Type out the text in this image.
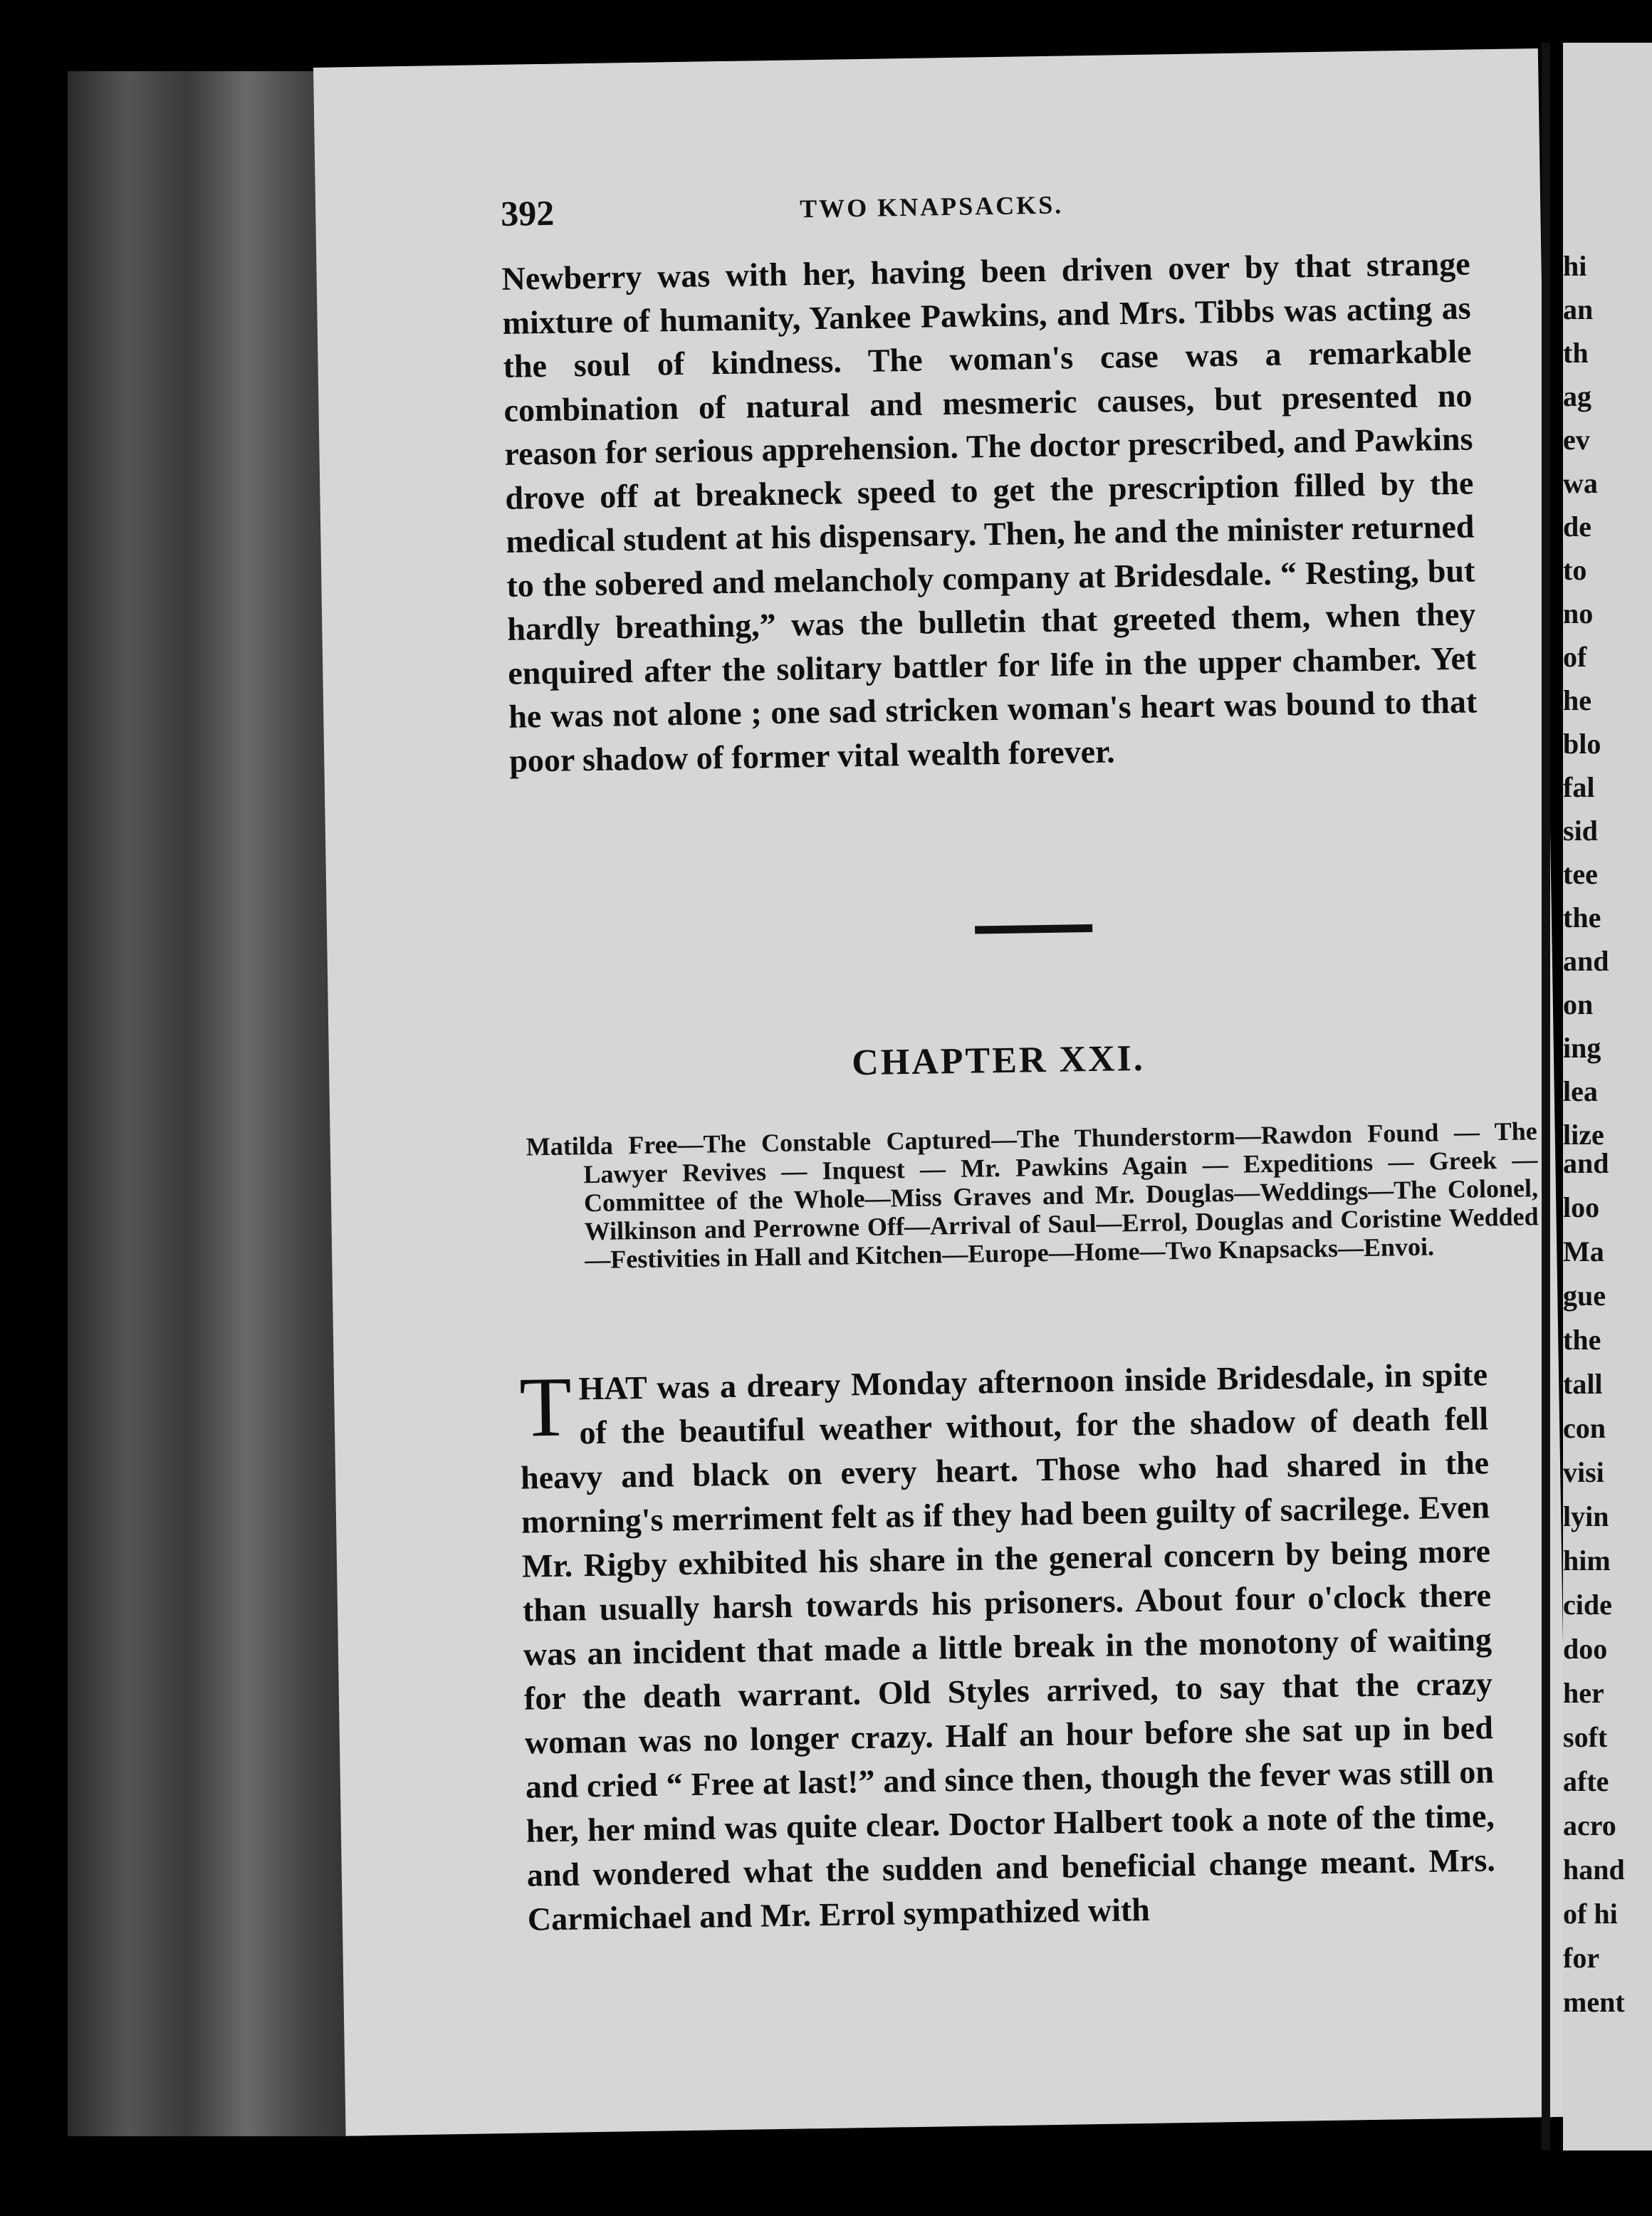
392	TWO KNAPSACKS.

Newberry was with her, having been driven over by that strange mixture of humanity, Yankee Pawkins, and Mrs. Tibbs was acting as the soul of kindness. The woman's case was a remarkable combination of natural and mesmeric causes, but presented no reason for serious apprehension. The doctor prescribed, and Pawkins drove off at breakneck speed to get the prescription filled by the medical student at his dispensary. Then, he and the minister returned to the sobered and melancholy company at Bridesdale. “ Resting, but hardly breathing,” was the bulletin that greeted them, when they enquired after the solitary battler for life in the upper chamber. Yet he was not alone ; one sad stricken woman's heart was bound to that poor shadow of former vital wealth forever.

CHAPTER XXI.
Matilda Free—The Constable Captured—The Thunderstorm—Rawdon Found — The Lawyer Revives — Inquest — Mr. Pawkins Again — Expeditions — Greek — Committee of the Whole—Miss Graves and Mr. Douglas—Weddings—The Colonel, Wilkinson and Perrowne Off—Arrival of Saul—Errol, Douglas and Coristine Wedded—Festivities in Hall and Kitchen—Europe—Home—Two Knapsacks—Envoi.

THAT was a dreary Monday afternoon inside Bridesdale, in spite of the beautiful weather without, for the shadow of death fell heavy and black on every heart. Those who had shared in the morning's merriment felt as if they had been guilty of sacrilege. Even Mr. Rigby exhibited his share in the general concern by being more than usually harsh towards his prisoners. About four o'clock there was an incident that made a little break in the monotony of waiting for the death warrant. Old Styles arrived, to say that the crazy woman was no longer crazy. Half an hour before she sat up in bed and cried “ Free at last!” and since then, though the fever was still on her, her mind was quite clear. Doctor Halbert took a note of the time, and wondered what the sudden and beneficial change meant. Mrs. Carmichael and Mr. Errol sympathized with

hi
an
th
ag
ev
wa
de
to
no
of
he
blo
fal
sid
tee
the
and
on
ing
lea
lize
and
loo
Ma
gue
the
tall
con
visi
lyin
him
cide
doo
her
soft
afte
acro
hand
of hi
for
ment
